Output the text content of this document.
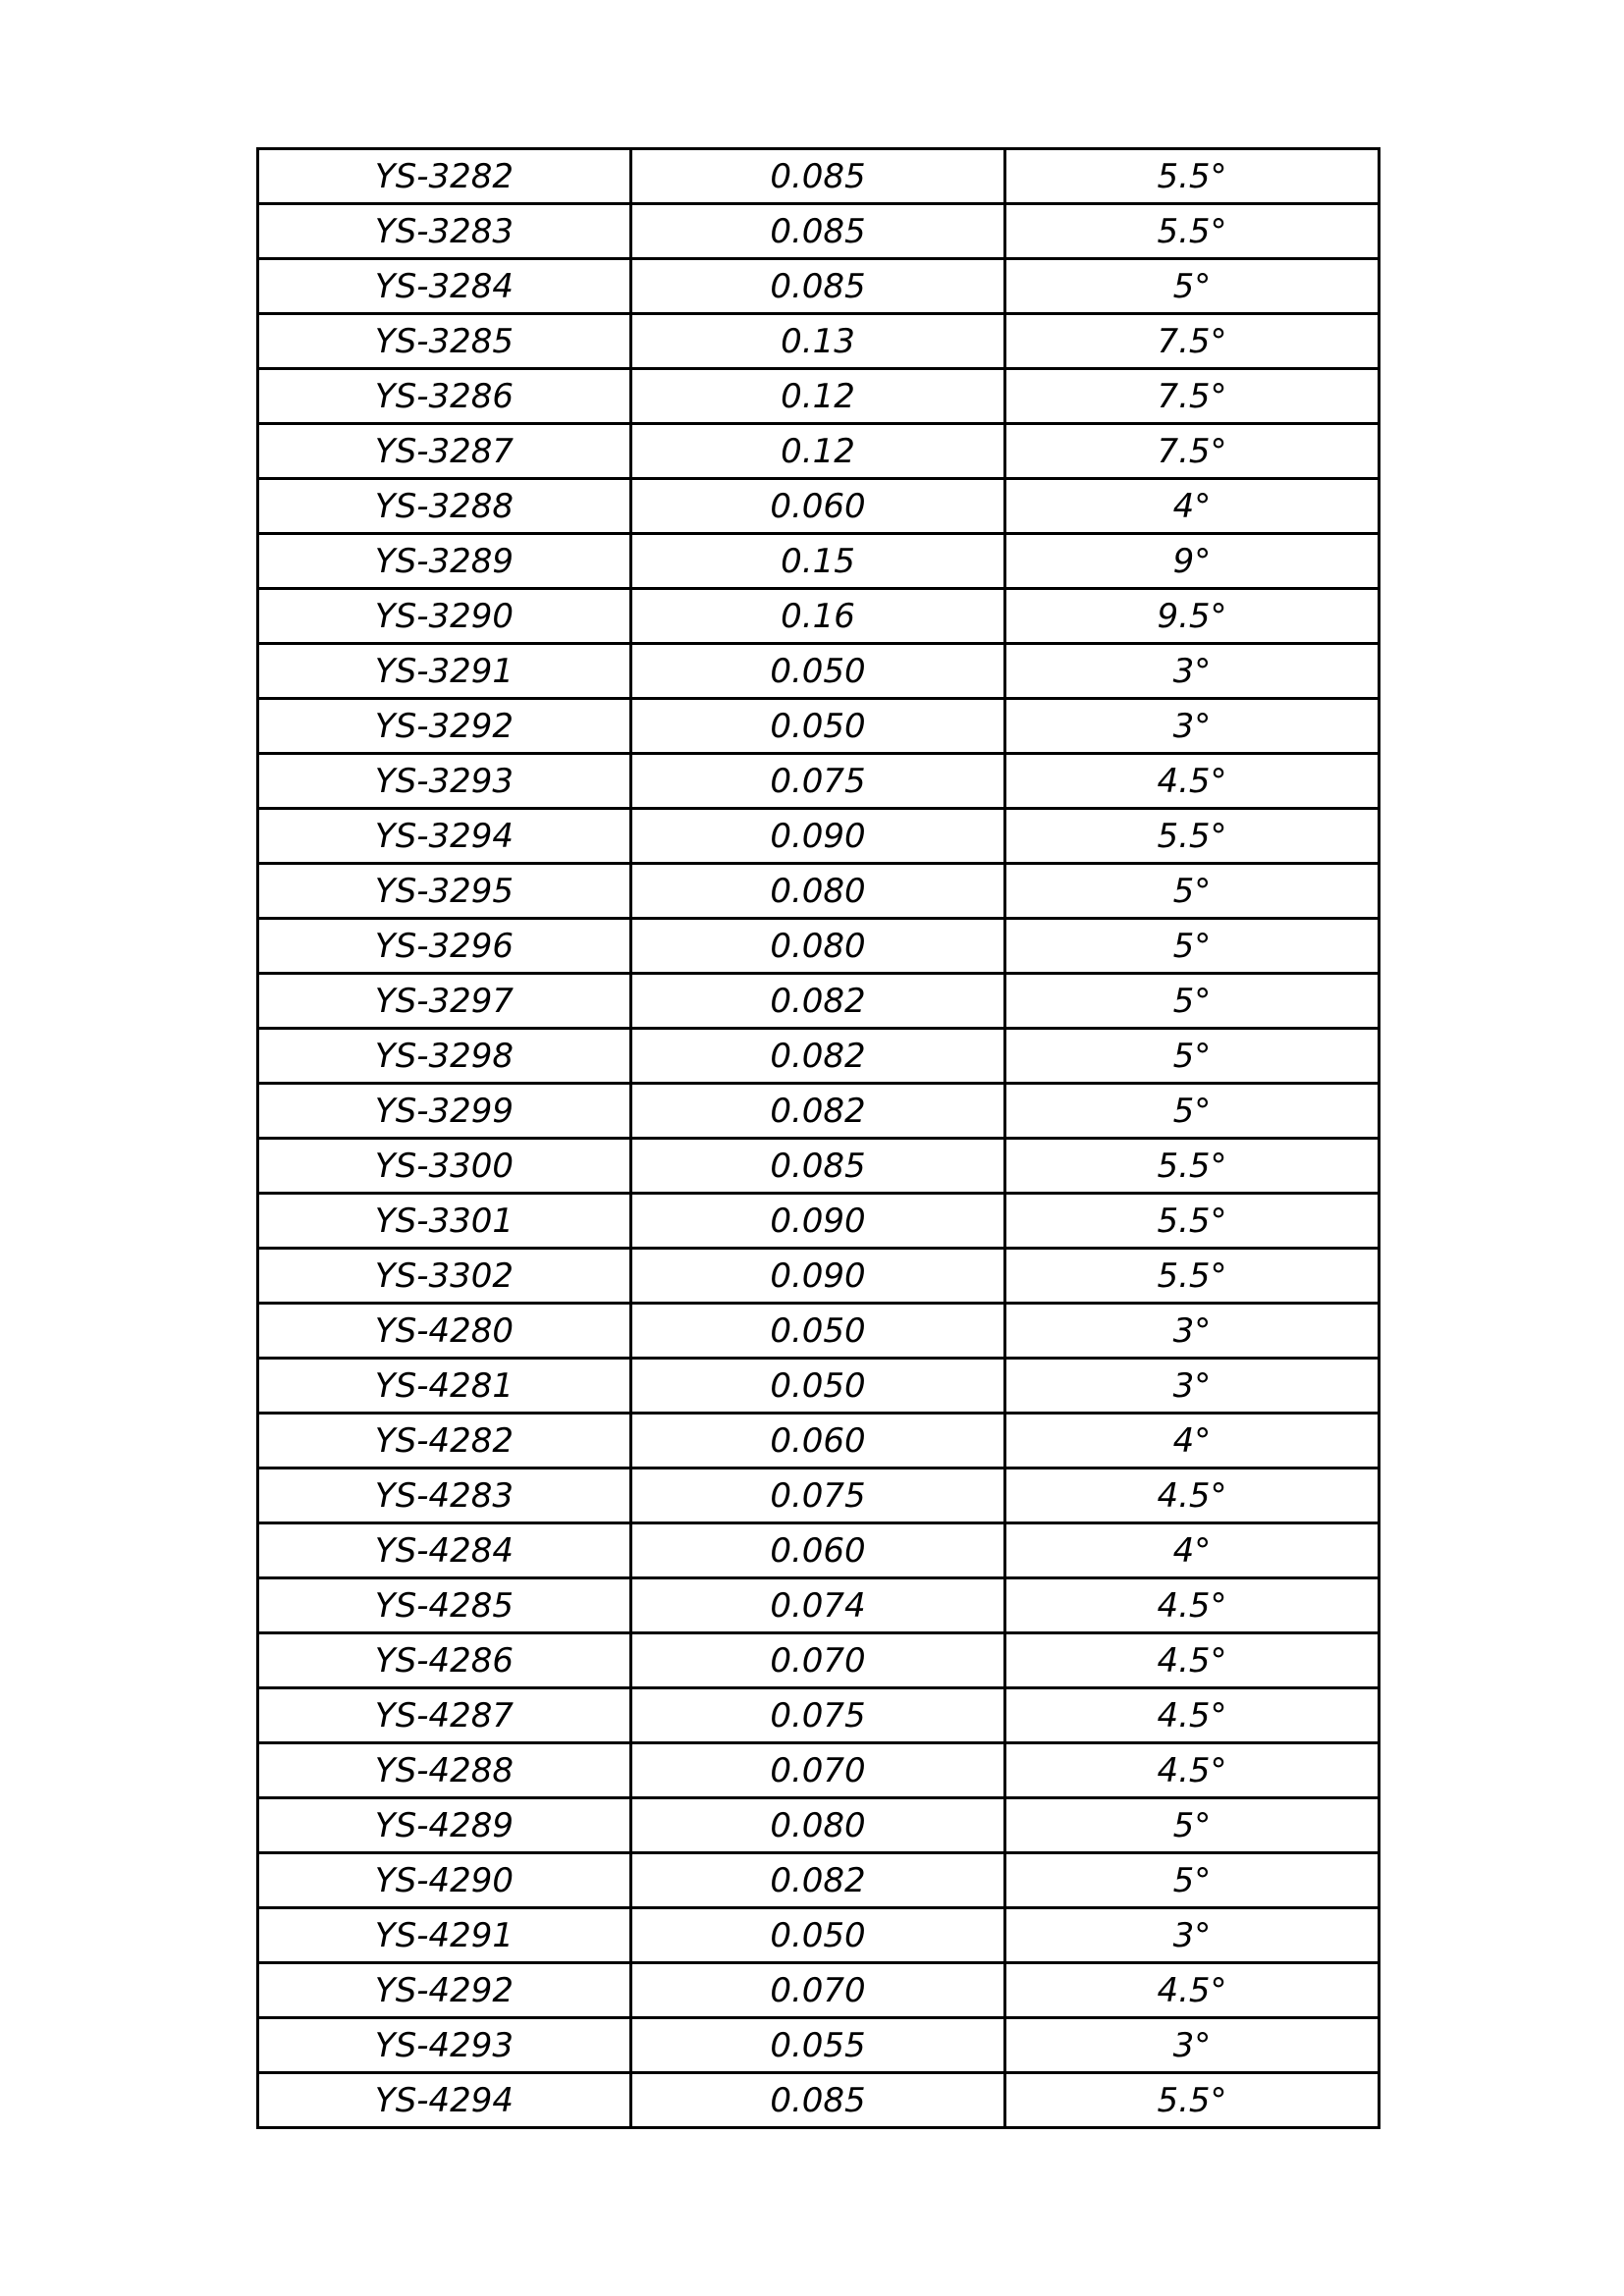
YS-3282	0.085	5.5°
YS-3283	0.085	5.5°
YS-3284	0.085	5°
YS-3285	0.13	7.5°
YS-3286	0.12	7.5°
YS-3287	0.12	7.5°
YS-3288	0.060	4°
YS-3289	0.15	9°
YS-3290	0.16	9.5°
YS-3291	0.050	3°
YS-3292	0.050	3°
YS-3293	0.075	4.5°
YS-3294	0.090	5.5°
YS-3295	0.080	5°
YS-3296	0.080	5°
YS-3297	0.082	5°
YS-3298	0.082	5°
YS-3299	0.082	5°
YS-3300	0.085	5.5°
YS-3301	0.090	5.5°
YS-3302	0.090	5.5°
YS-4280	0.050	3°
YS-4281	0.050	3°
YS-4282	0.060	4°
YS-4283	0.075	4.5°
YS-4284	0.060	4°
YS-4285	0.074	4.5°
YS-4286	0.070	4.5°
YS-4287	0.075	4.5°
YS-4288	0.070	4.5°
YS-4289	0.080	5°
YS-4290	0.082	5°
YS-4291	0.050	3°
YS-4292	0.070	4.5°
YS-4293	0.055	3°
YS-4294	0.085	5.5°
